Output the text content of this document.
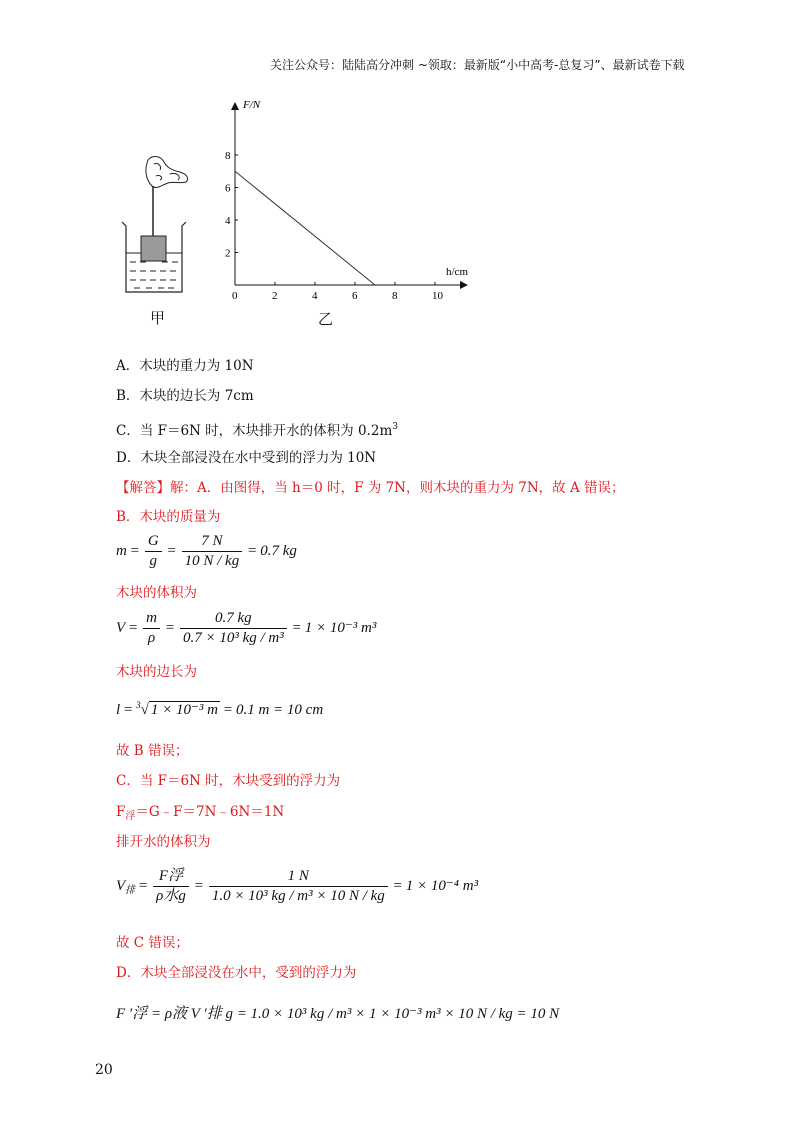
关注公众号：陆陆高分冲刺 ~领取：最新版“小中高考-总复习”、最新试卷下载
甲
F/N
h/cm
0	2	4	6	8	10
2
4
6
8
乙
A．木块的重力为 10N
B．木块的边长为 7cm
C．当 F＝6N 时，木块排开水的体积为 $0.2m^3$
D．木块全部浸没在水中受到的浮力为 10N
【解答】解：A．由图得，当 h＝0 时，F 为 7N，则木块的重力为 7N，故 A 错误；
B．木块的质量为
$m = \frac{G}{g} = \frac{7 N}{10 N / kg} = 0.7$ kg
木块的体积为
$V = \frac{m}{\rho} = \frac{0.7 kg}{\text{0.7 × 10³ kg / m³}} = 1 \times 10^{-3}$ m³
木块的边长为
l = $^3$√ 1 × 10⁻³ m = 0.1 m = 10 cm
故 B 错误；
C．当 F＝6N 时，木块受到的浮力为
$F_浮=G﹣F=7N﹣6N=1N$
排开水的体积为
$V_排 = \frac{\text{F浮}}{\text{ρ水g}} = \frac{1 N}{\text{1.0 × 10³ kg / m³ × 10 N / kg}} = 1 \times 10^{-4}$ m³
故 C 错误；
D．木块全部浸没在水中，受到的浮力为
F ′浮 = ρ液 V ′排 g = 1.0 × 10³ kg / m³ × 1 × 10⁻³ m³ × 10 N / kg = 10 N
20
